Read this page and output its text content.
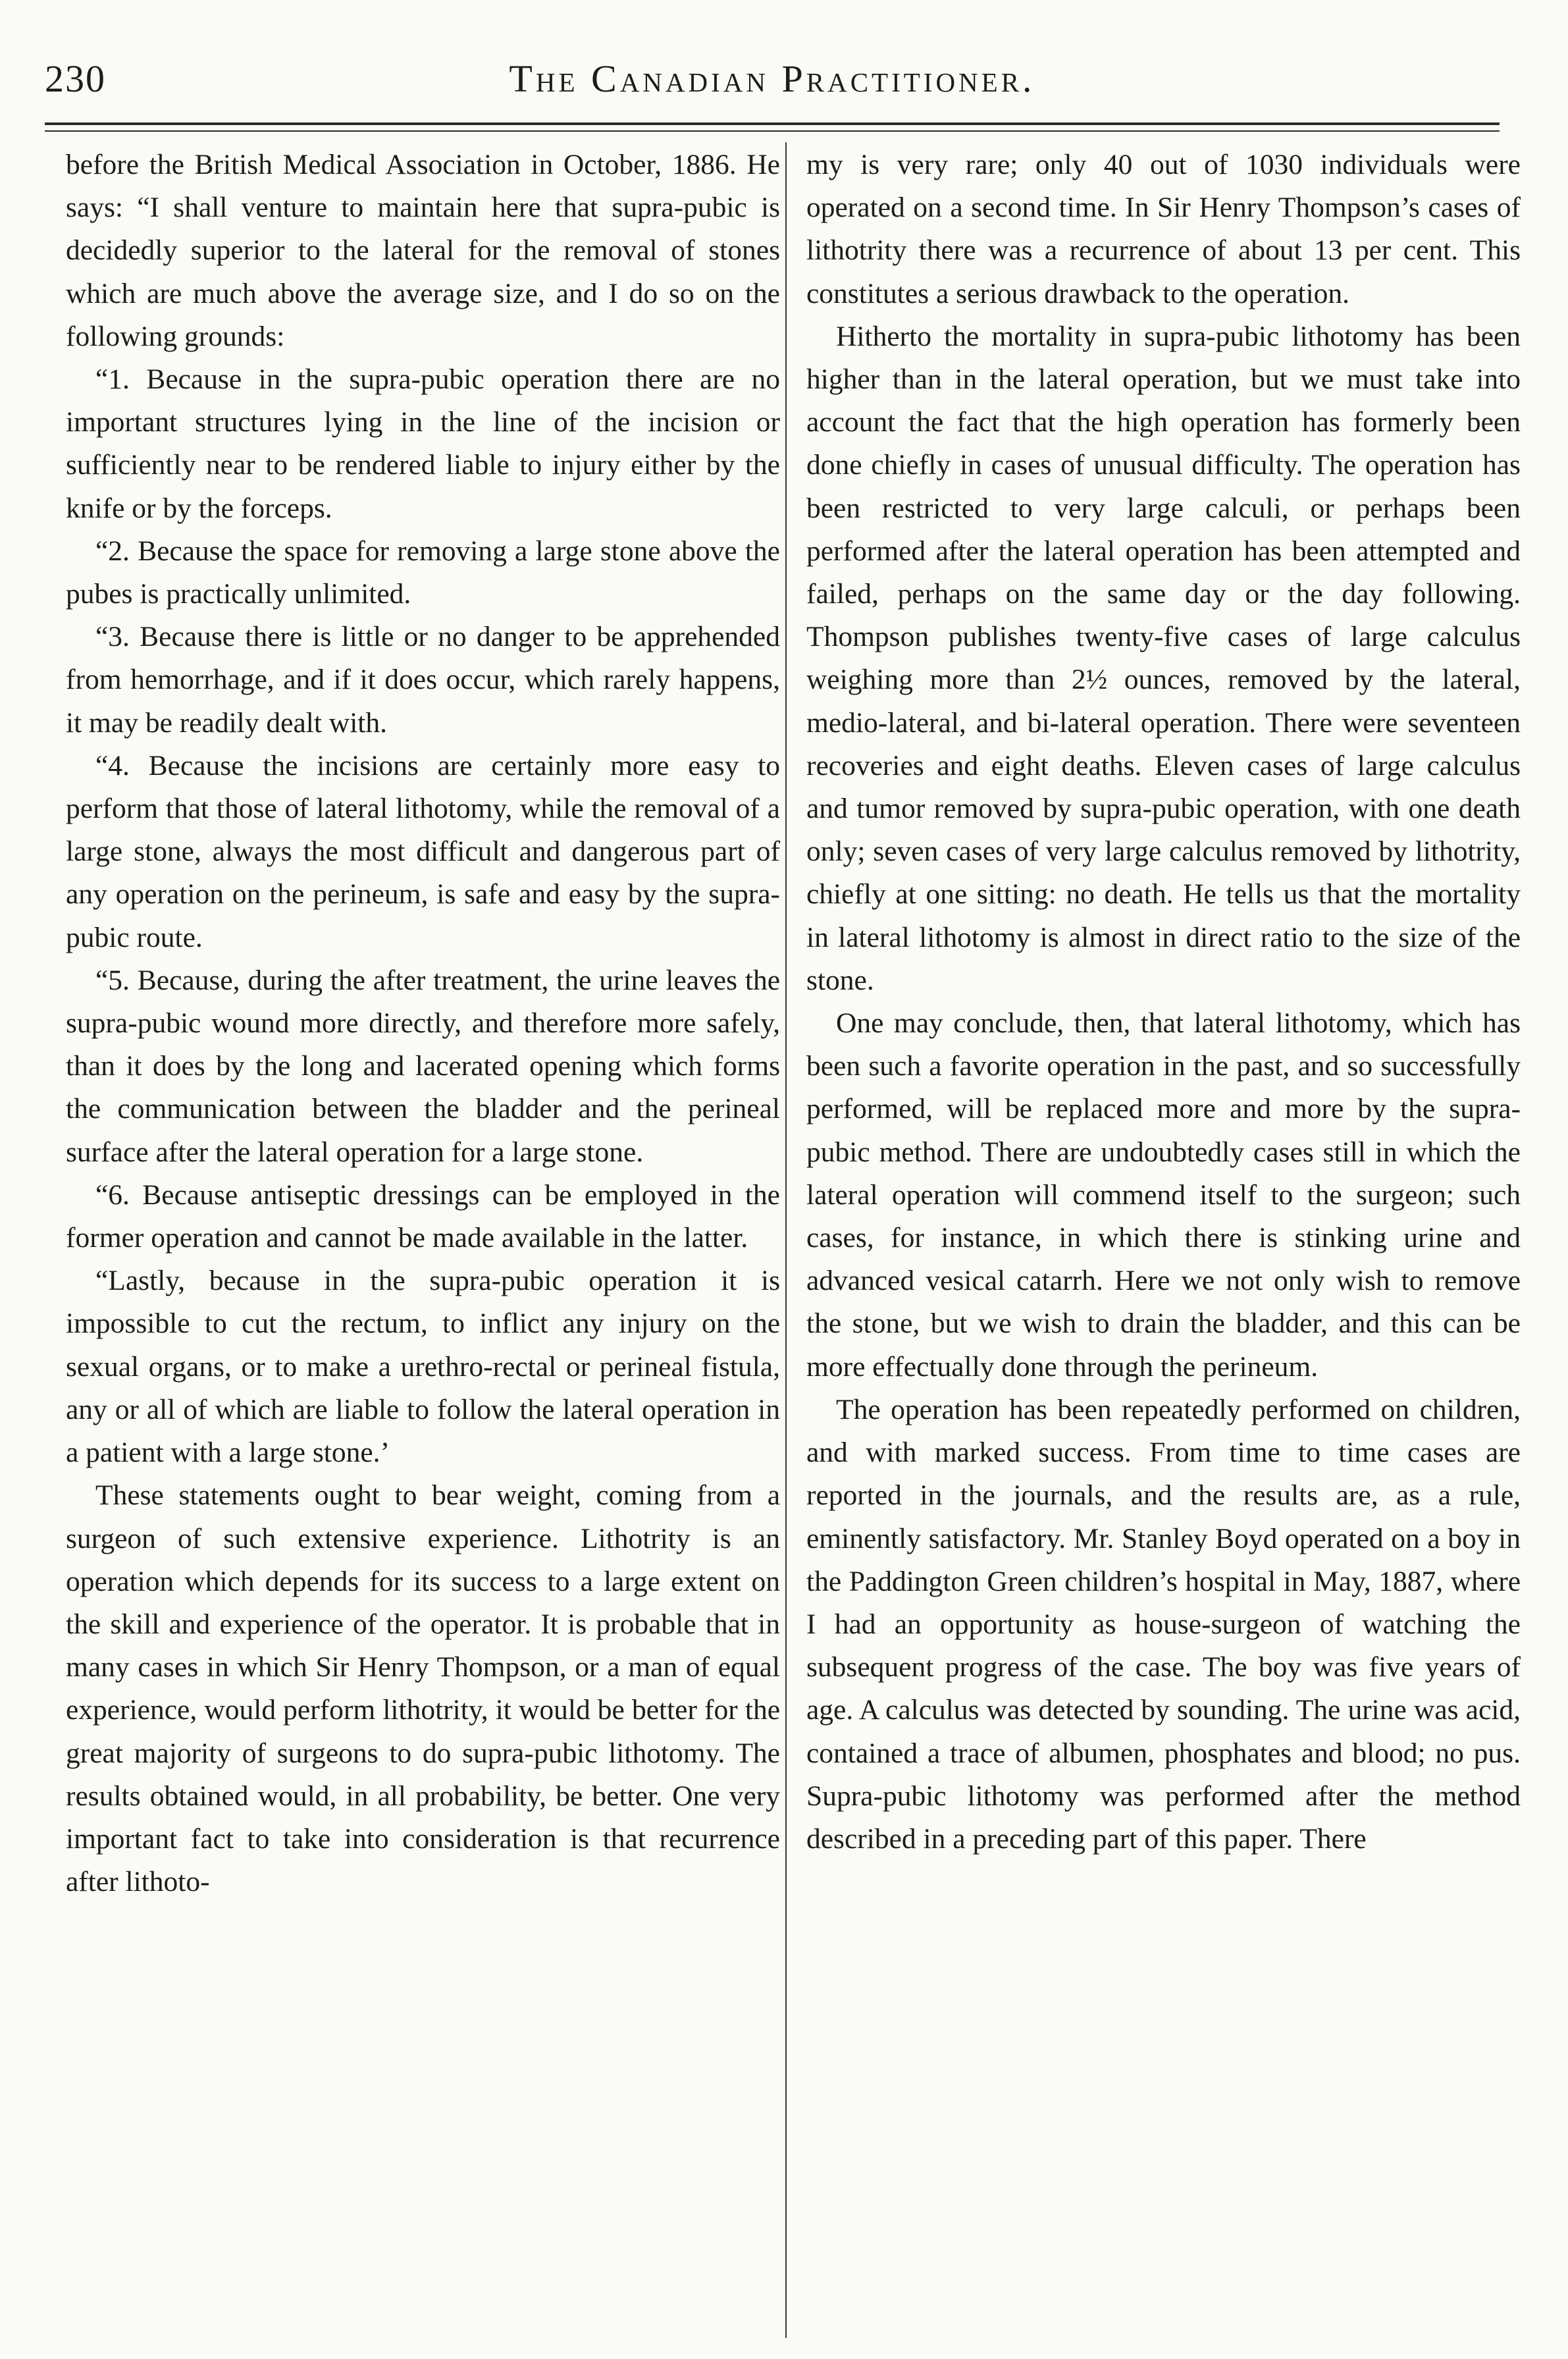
230	The Canadian Practitioner.

before the British Medical Association in October, 1886. He says: “I shall venture to maintain here that supra-pubic is decidedly superior to the lateral for the removal of stones which are much above the average size, and I do so on the following grounds:

“1. Because in the supra-pubic operation there are no important structures lying in the line of the incision or sufficiently near to be rendered liable to injury either by the knife or by the forceps.

“2. Because the space for removing a large stone above the pubes is practically unlimited.

“3. Because there is little or no danger to be apprehended from hemorrhage, and if it does occur, which rarely happens, it may be readily dealt with.

“4. Because the incisions are certainly more easy to perform that those of lateral lithotomy, while the removal of a large stone, always the most difficult and dangerous part of any operation on the perineum, is safe and easy by the supra-pubic route.

“5. Because, during the after treatment, the urine leaves the supra-pubic wound more directly, and therefore more safely, than it does by the long and lacerated opening which forms the communication between the bladder and the perineal surface after the lateral operation for a large stone.

“6. Because antiseptic dressings can be employed in the former operation and cannot be made available in the latter.

“Lastly, because in the supra-pubic operation it is impossible to cut the rectum, to inflict any injury on the sexual organs, or to make a urethro-rectal or perineal fistula, any or all of which are liable to follow the lateral operation in a patient with a large stone.’

These statements ought to bear weight, coming from a surgeon of such extensive experience. Lithotrity is an operation which depends for its success to a large extent on the skill and experience of the operator. It is probable that in many cases in which Sir Henry Thompson, or a man of equal experience, would perform lithotrity, it would be better for the great majority of surgeons to do supra-pubic lithotomy. The results obtained would, in all probability, be better. One very important fact to take into consideration is that recurrence after lithoto-

my is very rare; only 40 out of 1030 individuals were operated on a second time. In Sir Henry Thompson’s cases of lithotrity there was a recurrence of about 13 per cent. This constitutes a serious drawback to the operation.

Hitherto the mortality in supra-pubic lithotomy has been higher than in the lateral operation, but we must take into account the fact that the high operation has formerly been done chiefly in cases of unusual difficulty. The operation has been restricted to very large calculi, or perhaps been performed after the lateral operation has been attempted and failed, perhaps on the same day or the day following. Thompson publishes twenty-five cases of large calculus weighing more than 2½ ounces, removed by the lateral, medio-lateral, and bi-lateral operation. There were seventeen recoveries and eight deaths. Eleven cases of large calculus and tumor removed by supra-pubic operation, with one death only; seven cases of very large calculus removed by lithotrity, chiefly at one sitting: no death. He tells us that the mortality in lateral lithotomy is almost in direct ratio to the size of the stone.

One may conclude, then, that lateral lithotomy, which has been such a favorite operation in the past, and so successfully performed, will be replaced more and more by the supra-pubic method. There are undoubtedly cases still in which the lateral operation will commend itself to the surgeon; such cases, for instance, in which there is stinking urine and advanced vesical catarrh. Here we not only wish to remove the stone, but we wish to drain the bladder, and this can be more effectually done through the perineum.

The operation has been repeatedly performed on children, and with marked success. From time to time cases are reported in the journals, and the results are, as a rule, eminently satisfactory. Mr. Stanley Boyd operated on a boy in the Paddington Green children’s hospital in May, 1887, where I had an opportunity as house-surgeon of watching the subsequent progress of the case. The boy was five years of age. A calculus was detected by sounding. The urine was acid, contained a trace of albumen, phosphates and blood; no pus. Supra-pubic lithotomy was performed after the method described in a preceding part of this paper. There
